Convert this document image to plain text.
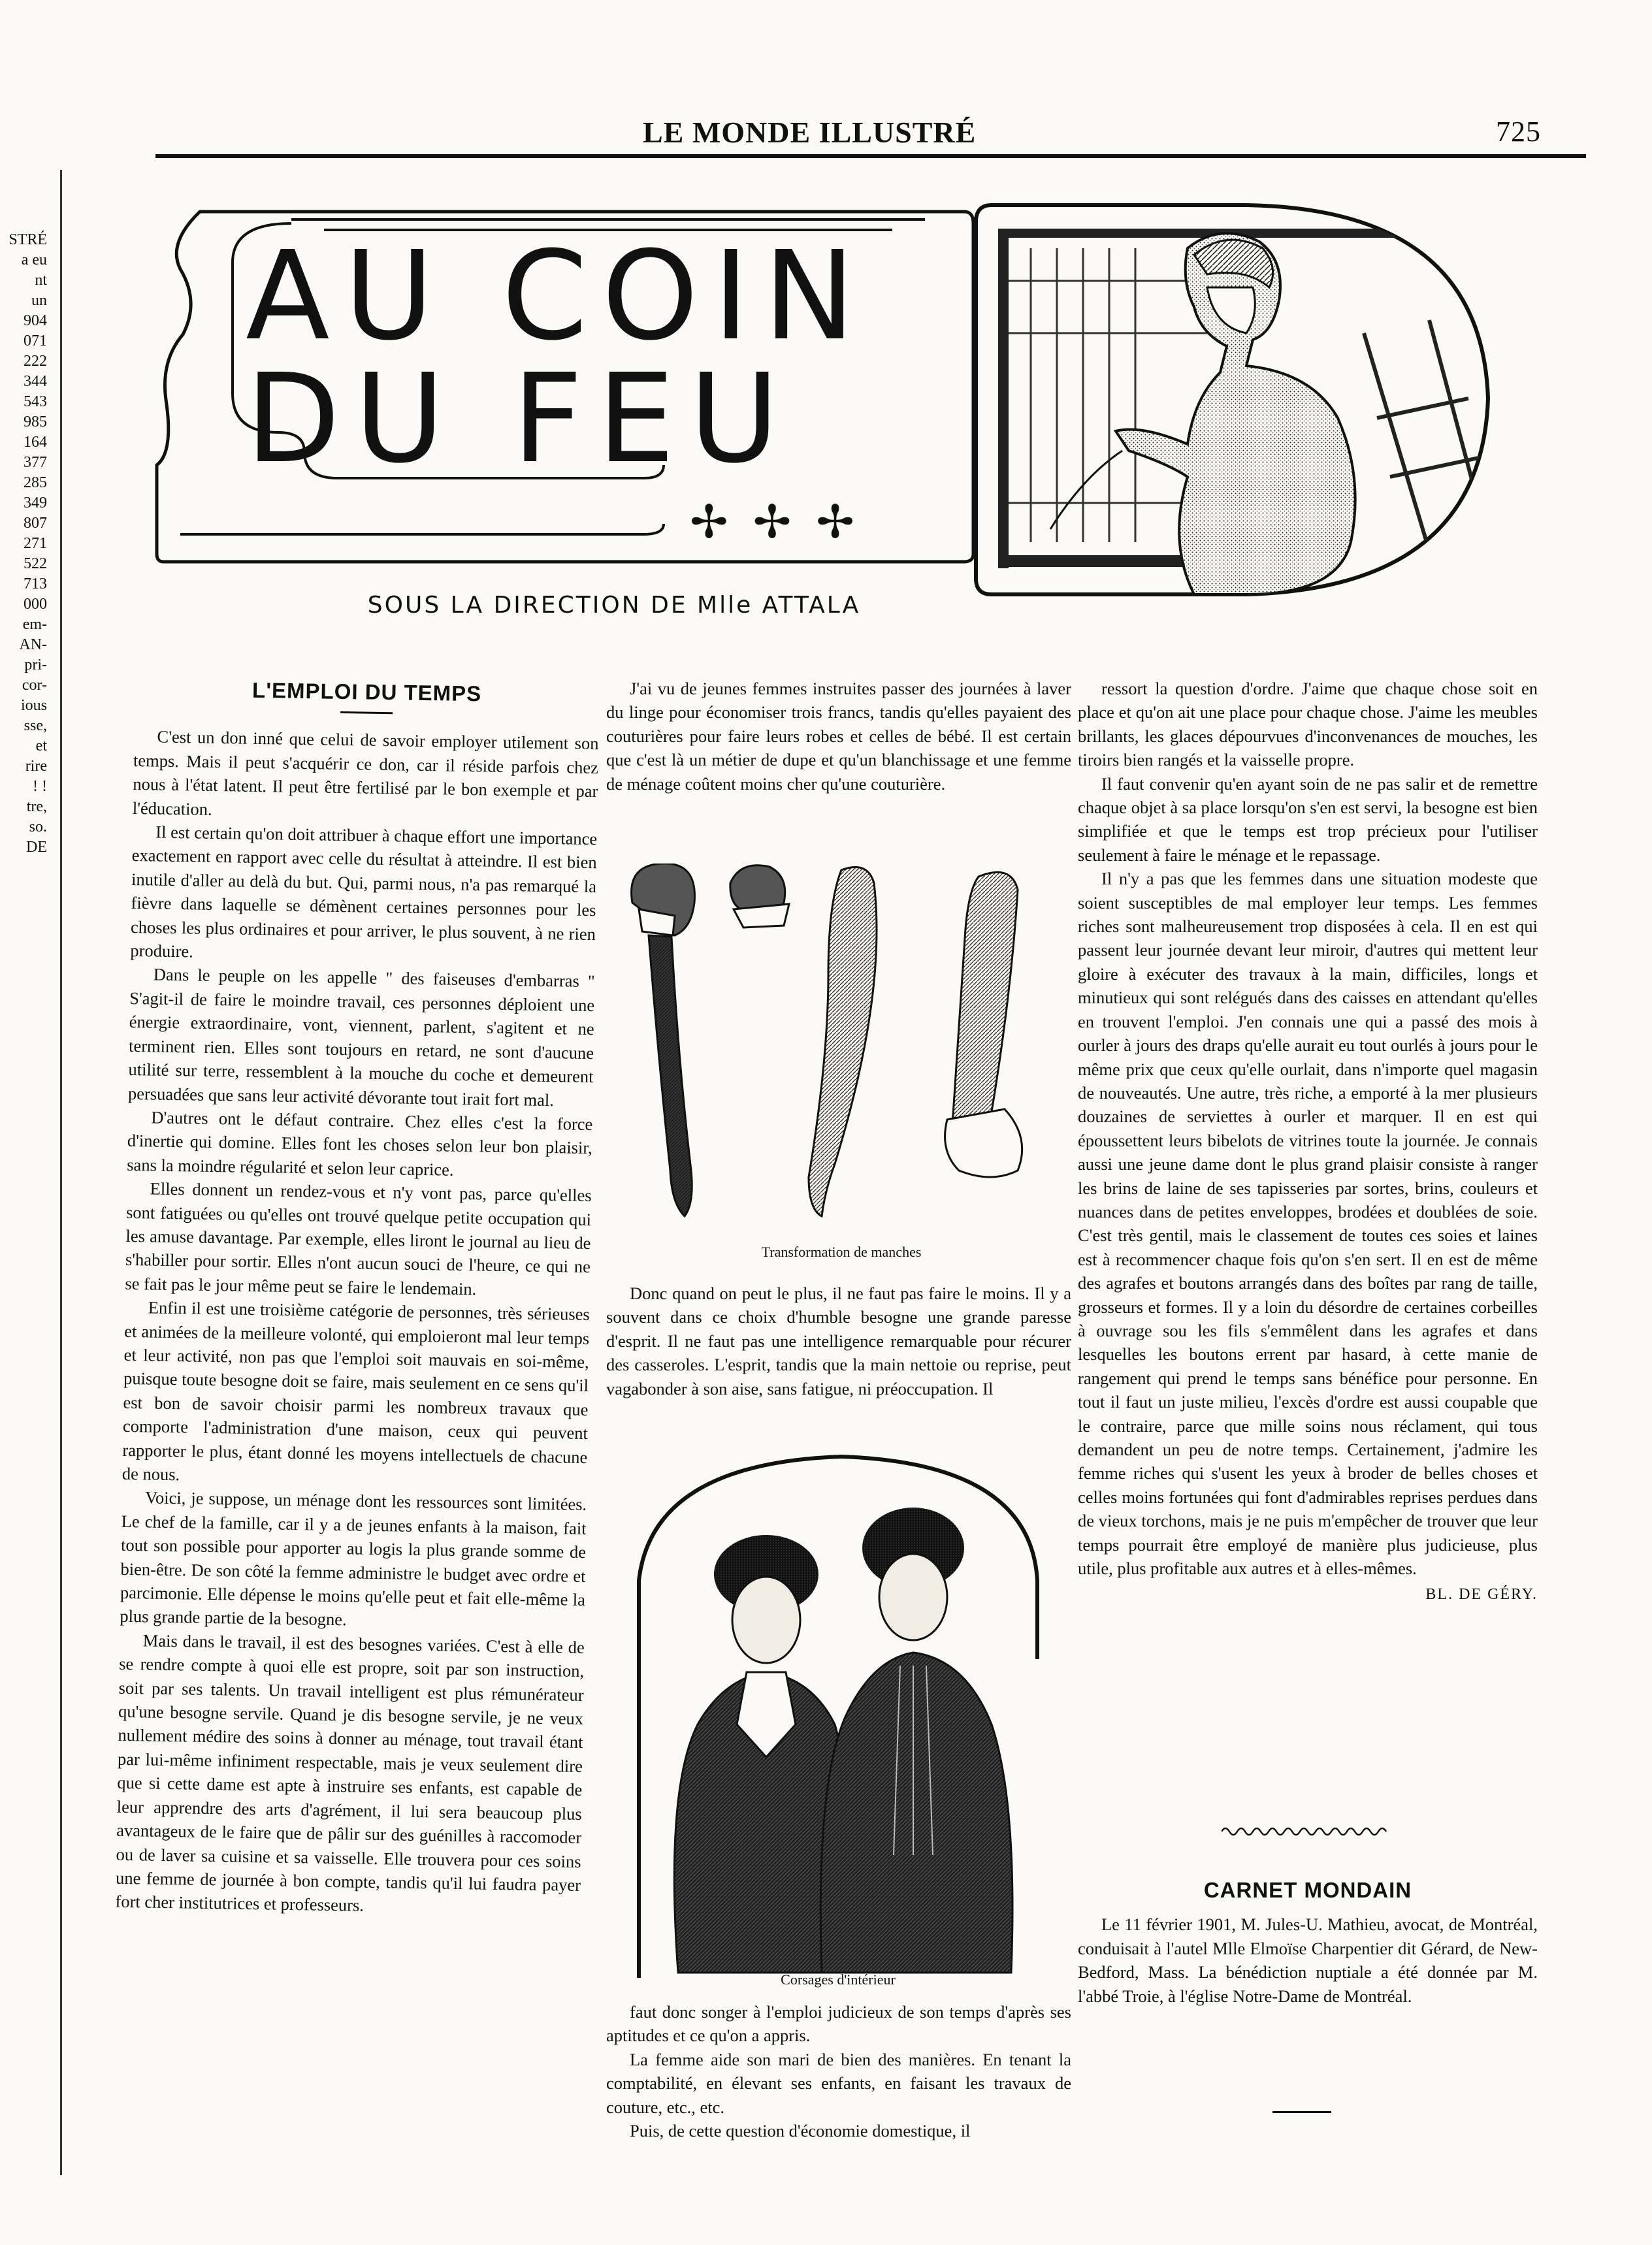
LE MONDE ILLUSTRÉ	725
STRÉ
a eu
nt
un
904
071
222
344
543
985
164
377
285
349
807
271
522
713
000
em-
AN-
pri-
cor-
ious
sse,
et
rire
! !
tre,
so.
DE
AU COIN
DU FEU
✢✢✢
SOUS LA DIRECTION DE Mlle ATTALA
L'EMPLOI DU TEMPS

C'est un don inné que celui de savoir employer utilement son temps. Mais il peut s'acquérir ce don, car il réside parfois chez nous à l'état latent. Il peut être fertilisé par le bon exemple et par l'éducation.

Il est certain qu'on doit attribuer à chaque effort une importance exactement en rapport avec celle du résultat à atteindre. Il est bien inutile d'aller au delà du but. Qui, parmi nous, n'a pas remarqué la fièvre dans laquelle se démènent certaines personnes pour les choses les plus ordinaires et pour arriver, le plus souvent, à ne rien produire.

Dans le peuple on les appelle " des faiseuses d'embarras " S'agit-il de faire le moindre travail, ces personnes déploient une énergie extraordinaire, vont, viennent, parlent, s'agitent et ne terminent rien. Elles sont toujours en retard, ne sont d'aucune utilité sur terre, ressemblent à la mouche du coche et demeurent persuadées que sans leur activité dévorante tout irait fort mal.

D'autres ont le défaut contraire. Chez elles c'est la force d'inertie qui domine. Elles font les choses selon leur bon plaisir, sans la moindre régularité et selon leur caprice.

Elles donnent un rendez-vous et n'y vont pas, parce qu'elles sont fatiguées ou qu'elles ont trouvé quelque petite occupation qui les amuse davantage. Par exemple, elles liront le journal au lieu de s'habiller pour sortir. Elles n'ont aucun souci de l'heure, ce qui ne se fait pas le jour même peut se faire le lendemain.

Enfin il est une troisième catégorie de personnes, très sérieuses et animées de la meilleure volonté, qui emploieront mal leur temps et leur activité, non pas que l'emploi soit mauvais en soi-même, puisque toute besogne doit se faire, mais seulement en ce sens qu'il est bon de savoir choisir parmi les nombreux travaux que comporte l'administration d'une maison, ceux qui peuvent rapporter le plus, étant donné les moyens intellectuels de chacune de nous.

Voici, je suppose, un ménage dont les ressources sont limitées. Le chef de la famille, car il y a de jeunes enfants à la maison, fait tout son possible pour apporter au logis la plus grande somme de bien-être. De son côté la femme administre le budget avec ordre et parcimonie. Elle dépense le moins qu'elle peut et fait elle-même la plus grande partie de la besogne.

Mais dans le travail, il est des besognes variées. C'est à elle de se rendre compte à quoi elle est propre, soit par son instruction, soit par ses talents. Un travail intelligent est plus rémunérateur qu'une besogne servile. Quand je dis besogne servile, je ne veux nullement médire des soins à donner au ménage, tout travail étant par lui-même infiniment respectable, mais je veux seulement dire que si cette dame est apte à instruire ses enfants, est capable de leur apprendre des arts d'agrément, il lui sera beaucoup plus avantageux de le faire que de pâlir sur des guénilles à raccomoder ou de laver sa cuisine et sa vaisselle. Elle trouvera pour ces soins une femme de journée à bon compte, tandis qu'il lui faudra payer fort cher institutrices et professeurs.

J'ai vu de jeunes femmes instruites passer des journées à laver du linge pour économiser trois francs, tandis qu'elles payaient des couturières pour faire leurs robes et celles de bébé. Il est certain que c'est là un métier de dupe et qu'un blanchissage et une femme de ménage coûtent moins cher qu'une couturière.

Transformation de manches

Donc quand on peut le plus, il ne faut pas faire le moins. Il y a souvent dans ce choix d'humble besogne une grande paresse d'esprit. Il ne faut pas une intelligence remarquable pour récurer des casseroles. L'esprit, tandis que la main nettoie ou reprise, peut vagabonder à son aise, sans fatigue, ni préoccupation. Il

Corsages d'intérieur

faut donc songer à l'emploi judicieux de son temps d'après ses aptitudes et ce qu'on a appris.

La femme aide son mari de bien des manières. En tenant la comptabilité, en élevant ses enfants, en faisant les travaux de couture, etc., etc.

Puis, de cette question d'économie domestique, il

ressort la question d'ordre. J'aime que chaque chose soit en place et qu'on ait une place pour chaque chose. J'aime les meubles brillants, les glaces dépourvues d'inconvenances de mouches, les tiroirs bien rangés et la vaisselle propre.

Il faut convenir qu'en ayant soin de ne pas salir et de remettre chaque objet à sa place lorsqu'on s'en est servi, la besogne est bien simplifiée et que le temps est trop précieux pour l'utiliser seulement à faire le ménage et le repassage.

Il n'y a pas que les femmes dans une situation modeste que soient susceptibles de mal employer leur temps. Les femmes riches sont malheureusement trop disposées à cela. Il en est qui passent leur journée devant leur miroir, d'autres qui mettent leur gloire à exécuter des travaux à la main, difficiles, longs et minutieux qui sont relégués dans des caisses en attendant qu'elles en trouvent l'emploi. J'en connais une qui a passé des mois à ourler à jours des draps qu'elle aurait eu tout ourlés à jours pour le même prix que ceux qu'elle ourlait, dans n'importe quel magasin de nouveautés. Une autre, très riche, a emporté à la mer plusieurs douzaines de serviettes à ourler et marquer. Il en est qui époussettent leurs bibelots de vitrines toute la journée. Je connais aussi une jeune dame dont le plus grand plaisir consiste à ranger les brins de laine de ses tapisseries par sortes, brins, couleurs et nuances dans de petites enveloppes, brodées et doublées de soie. C'est très gentil, mais le classement de toutes ces soies et laines est à recommencer chaque fois qu'on s'en sert. Il en est de même des agrafes et boutons arrangés dans des boîtes par rang de taille, grosseurs et formes. Il y a loin du désordre de certaines corbeilles à ouvrage sou les fils s'emmêlent dans les agrafes et dans lesquelles les boutons errent par hasard, à cette manie de rangement qui prend le temps sans bénéfice pour personne. En tout il faut un juste milieu, l'excès d'ordre est aussi coupable que le contraire, parce que mille soins nous réclament, qui tous demandent un peu de notre temps. Certainement, j'admire les femme riches qui s'usent les yeux à broder de belles choses et celles moins fortunées qui font d'admirables reprises perdues dans de vieux torchons, mais je ne puis m'empêcher de trouver que leur temps pourrait être employé de manière plus judicieuse, plus utile, plus profitable aux autres et à elles-mêmes.

BL. DE GÉRY.
CARNET MONDAIN

Le 11 février 1901, M. Jules-U. Mathieu, avocat, de Montréal, conduisait à l'autel Mlle Elmoïse Charpentier dit Gérard, de New-Bedford, Mass. La bénédiction nuptiale a été donnée par M. l'abbé Troie, à l'église Notre-Dame de Montréal.
